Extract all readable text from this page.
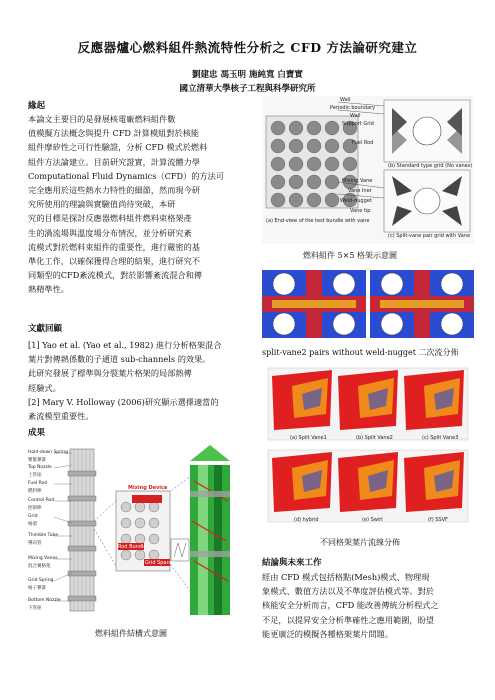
反應器爐心燃料組件熱流特性分析之 CFD 方法論研究建立
劉建忠 馮玉明 施純寬 白寶實
國立清華大學核子工程與科學研究所
緣起
本論文主要目的是發展核電廠燃料組件數
值模擬方法概念與提升 CFD 計算模組對於核能
組件摩矽性之可行性驗證，分析 CFD 模式於燃料
組件方法論建立。目前研究證實，計算流體力學
Computational Fluid Dynamics（CFD）的方法可
完全應用於這些熱水力特性的細節，然而現今研
究所使用的理論與實驗值尚待突破，本研
究的目標是探討反應器燃料組件燃料束格架產
生的渦流場與溫度場分布情況，並分析研究紊
流模式對於燃料束組件的重要性，進行嚴密的基
準化工作，以確保獲得合理的結果，進行研究不
同類型的CFD紊流模式，對於影響紊流混合和傳
熱精準性。
文獻回顧
[1] Yao et al. (Yao et al., 1982) 進行分析格架混合
葉片對傳熱係數的子通道 sub-channels 的效果。
此研究發展了標準與分裂葉片格架的局部熱傳
經驗式。
[2] Mary V. Holloway (2006)研究顯示選擇適當的
紊流模型重要性。
成果
Hold-down Spring
壓緊彈簧
Top Nozzle
上管座
Fuel Rod
燃料棒
Control Rod
控制棒
Grid
格架
Thimble Tube
導向管
Mixing Vanes
混合翼格架
Grid Spring
格子彈簧
Bottom Nozzle
下管座
Mixing Device
Rod Bundle
Grid Spacer
燃料組件結構式意圖
Wall
Periodic boundary
Wall
Support Grid
Fuel Rod
Mixing Vane
Vane Iner
Weld-nugget
Vane tip
(a) End-view of the test bundle with vane
(b) Standard type grid (No vanes)
(c) Split-vane pair grid with Vane
燃料組件 5×5 格架示意圖
split-vane2 pairs without weld-nugget 二次流分佈
(a) Split Vane1	(b) Split Vane2	(c) Split Vane3
(d) hybrid	(e) Swirl	(f) SSVF
不同格架葉片流線分佈
結論與未來工作
經由 CFD 模式包括格點(Mesh)模式、物理現
象模式、數值方法以及不準度評估模式等。對於
核能安全分析而言，CFD 能改善傳統分析程式之
不足，以提昇安全分析準確性之應用範圍，盼望
能更廣泛的模擬各種格架葉片問題。
